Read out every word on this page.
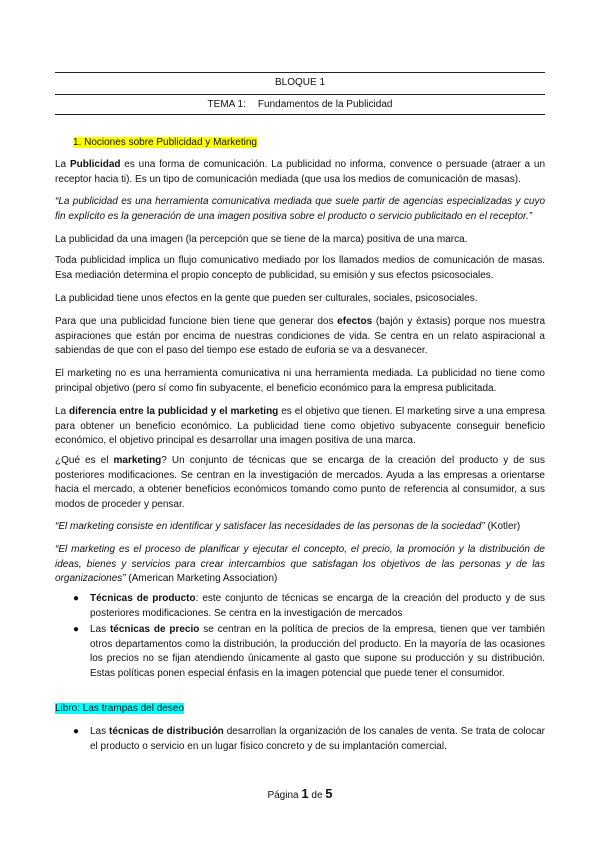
BLOQUE 1
TEMA 1: Fundamentos de la Publicidad
1. Nociones sobre Publicidad y Marketing
La Publicidad es una forma de comunicación. La publicidad no informa, convence o persuade (atraer a un receptor hacia ti). Es un tipo de comunicación mediada (que usa los medios de comunicación de masas).
“La publicidad es una herramienta comunicativa mediada que suele partir de agencias especializadas y cuyo fin explícito es la generación de una imagen positiva sobre el producto o servicio publicitado en el receptor.”
La publicidad da una imagen (la percepción que se tiene de la marca) positiva de una marca.
Toda publicidad implica un flujo comunicativo mediado por los llamados medios de comunicación de masas. Esa mediación determina el propio concepto de publicidad, su emisión y sus efectos psicosociales.
La publicidad tiene unos efectos en la gente que pueden ser culturales, sociales, psicosociales.
Para que una publicidad funcione bien tiene que generar dos efectos (bajón y éxtasis) porque nos muestra aspiraciones que están por encima de nuestras condiciones de vida. Se centra en un relato aspiracional a sabiendas de que con el paso del tiempo ese estado de euforia se va a desvanecer.
El marketing no es una herramienta comunicativa ni una herramienta mediada. La publicidad no tiene como principal objetivo (pero sí como fin subyacente, el beneficio económico para la empresa publicitada.
La diferencia entre la publicidad y el marketing es el objetivo que tienen. El marketing sirve a una empresa para obtener un beneficio económico. La publicidad tiene como objetivo subyacente conseguir beneficio económico, el objetivo principal es desarrollar una imagen positiva de una marca.
¿Qué es el marketing? Un conjunto de técnicas que se encarga de la creación del producto y de sus posteriores modificaciones. Se centran en la investigación de mercados. Ayuda a las empresas a orientarse hacia el mercado, a obtener beneficios económicos tomando como punto de referencia al consumidor, a sus modos de proceder y pensar.
“El marketing consiste en identificar y satisfacer las necesidades de las personas de la sociedad” (Kotler)
“El marketing es el proceso de planificar y ejecutar el concepto, el precio, la promoción y la distribución de ideas, bienes y servicios para crear intercambios que satisfagan los objetivos de las personas y de las organizaciones” (American Marketing Association)
● Técnicas de producto: este conjunto de técnicas se encarga de la creación del producto y de sus posteriores modificaciones. Se centra en la investigación de mercados
● Las técnicas de precio se centran en la política de precios de la empresa, tienen que ver también otros departamentos como la distribución, la producción del producto. En la mayoría de las ocasiones los precios no se fijan atendiendo únicamente al gasto que supone su producción y su distribución. Estas políticas ponen especial énfasis en la imagen potencial que puede tener el consumidor.
Libro: Las trampas del deseo
● Las técnicas de distribución desarrollan la organización de los canales de venta. Se trata de colocar el producto o servicio en un lugar físico concreto y de su implantación comercial.
Página 1 de 5
